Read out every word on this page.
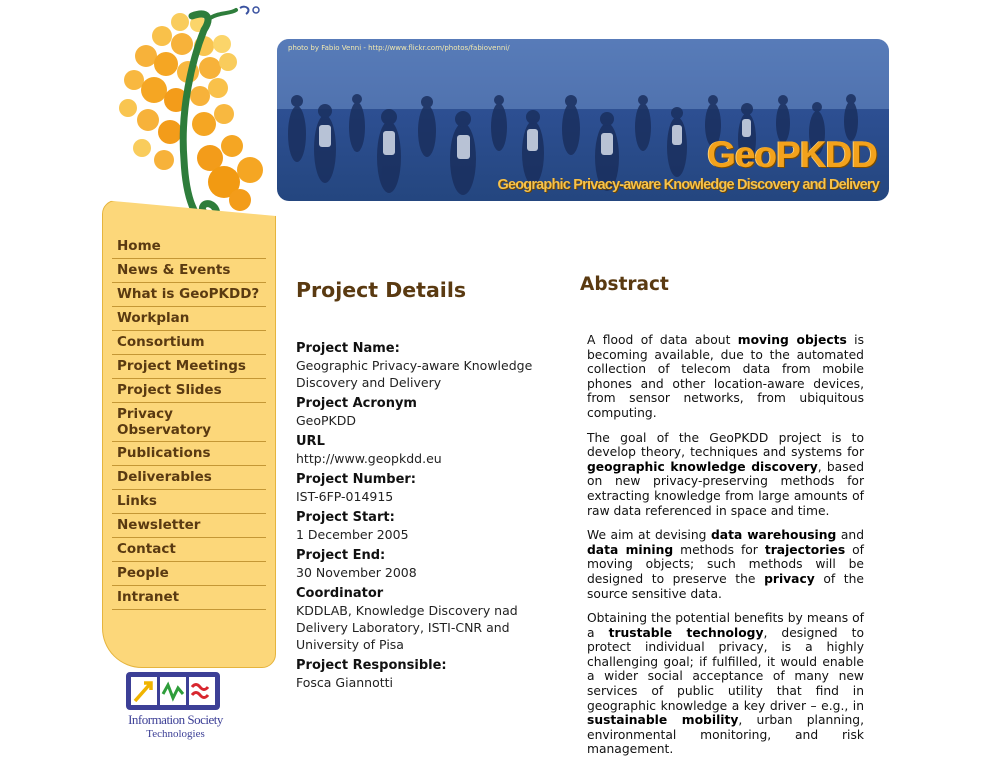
photo by Fabio Venni - http://www.flickr.com/photos/fabiovenni/
GeoPKDD
Geographic Privacy-aware Knowledge Discovery and Delivery
Home
News & Events
What is GeoPKDD?
Workplan
Consortium
Project Meetings
Project Slides
Privacy Observatory
Publications
Deliverables
Links
Newsletter
Contact
People
Intranet
Information Society
Technologies
Project Details
Project Name:
Geographic Privacy-aware Knowledge Discovery and Delivery
Project Acronym
GeoPKDD
URL
http://www.geopkdd.eu
Project Number:
IST-6FP-014915
Project Start:
1 December 2005
Project End:
30 November 2008
Coordinator
KDDLAB, Knowledge Discovery nad Delivery Laboratory, ISTI-CNR and University of Pisa
Project Responsible:
Fosca Giannotti
Abstract

A flood of data about moving objects is becoming available, due to the automated collection of telecom data from mobile phones and other location-aware devices, from sensor networks, from ubiquitous computing.

The goal of the GeoPKDD project is to develop theory, techniques and systems for geographic knowledge discovery, based on new privacy-preserving methods for extracting knowledge from large amounts of raw data referenced in space and time.

We aim at devising data warehousing and data mining methods for trajectories of moving objects; such methods will be designed to preserve the privacy of the source sensitive data.

Obtaining the potential benefits by means of a trustable technology, designed to protect individual privacy, is a highly challenging goal; if fulfilled, it would enable a wider social acceptance of many new services of public utility that find in geographic knowledge a key driver – e.g., in sustainable mobility, urban planning, environmental monitoring, and risk management.
